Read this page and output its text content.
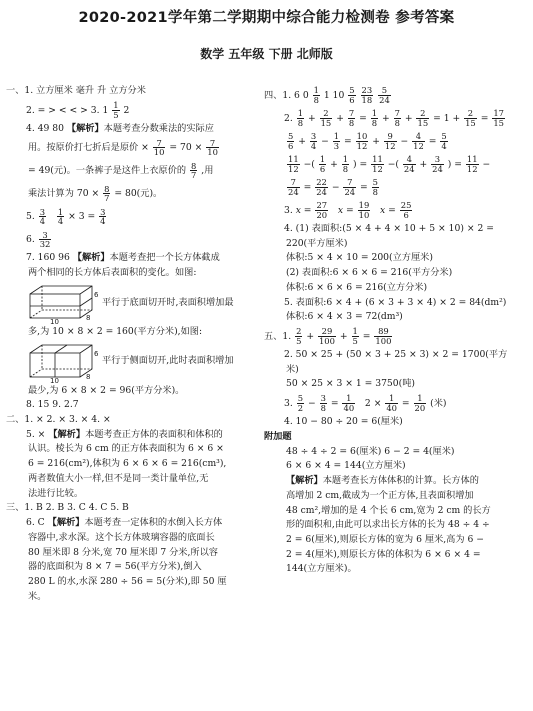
2020-2021学年第二学期期中综合能力检测卷 参考答案
数学 五年级 下册 北师版
一、1. 立方厘米 毫升 升 立方分米
2. = > < < > 3. $1 \frac{1}{5} 2$
4. 49 80 【解析】本题考查分数乘法的实际应
用。按原价打七折后是原价 × $\frac{7}{10} = 70 \times \frac{7}{10}$
= 49(元)。一条裤子是这件上衣原价的 $\frac{8}{7}$ ,用
乘法计算为 $70 \times \frac{8}{7} = 80$(元)。
5. $\frac{3}{4}$
$\frac{1}{4} \times 3 = \frac{3}{4}$
6. $\frac{3}{32}$
7. 160 96 【解析】本题考查把一个长方体截成
两个相同的长方体后表面积的变化。如图:
6
10	8
平行于底面切开时,表面积增加最
多,为 10 × 8 × 2 = 160(平方分米),如图:
6
10	8
平行于侧面切开,此时表面积增加
最少,为 6 × 8 × 2 = 96(平方分米)。
8. 15 9. 2.7
二、1. × 2. × 3. × 4. ×
5. × 【解析】本题考查正方体的表面积和体积的
认识。棱长为 6 cm 的正方体表面积为 6 × 6 ×
6 = 216(cm²),体积为 6 × 6 × 6 = 216(cm³),
两者数值大小一样,但不是同一类计量单位,无
法进行比较。
三、1. B 2. B 3. C 4. C 5. B
6. C 【解析】本题考查一定体积的水倒入长方体
容器中,求水深。这个长方体玻璃容器的底面长
80 厘米即 8 分米,宽 70 厘米即 7 分米,所以容
器的底面积为 8 × 7 = 56(平方分米),倒入
280 L 的水,水深 280 ÷ 56 = 5(分米),即 50 厘
米。
四、1. 6 $0 \frac{1}{8} 1$ $10 \frac{5}{6}$
$\frac{23}{18}$
$\frac{5}{24}$
2. $\frac{1}{8} + \frac{2}{15} + \frac{7}{8} = \frac{1}{8} + \frac{7}{8} + \frac{2}{15} = 1 + \frac{2}{15} = \frac{17}{15}$
$\frac{5}{6} + \frac{3}{4} - \frac{1}{3} = \frac{10}{12} + \frac{9}{12} - \frac{4}{12} = \frac{5}{4}$
$\frac{11}{12}$ −( $\frac{1}{6} + \frac{1}{8}$ ) = $\frac{11}{12}$ −( $\frac{4}{24} + \frac{3}{24}$ ) = $\frac{11}{12}$ −
$\frac{7}{24} = \frac{22}{24} - \frac{7}{24} = \frac{5}{8}$
3. $x = \frac{27}{20}$ $x = \frac{19}{10}$ $x = \frac{25}{6}$
4. (1) 表面积:(5 × 4 + 4 × 10 + 5 × 10) × 2 =
220(平方厘米)
体积:5 × 4 × 10 = 200(立方厘米)
(2) 表面积:6 × 6 × 6 = 216(平方分米)
体积:6 × 6 × 6 = 216(立方分米)
5. 表面积:6 × 4 + (6 × 3 + 3 × 4) × 2 = 84(dm²)
体积:6 × 4 × 3 = 72(dm³)
五、1. $\frac{2}{5} + \frac{29}{100} + \frac{1}{5} = \frac{89}{100}$
2. 50 × 25 + (50 × 3 + 25 × 3) × 2 = 1700(平方
米)
50 × 25 × 3 × 1 = 3750(吨)
3. $\frac{5}{2} - \frac{3}{8} = \frac{1}{40} 2 \times \frac{1}{40} = \frac{1}{20}$ (米)
4. 10 − 80 ÷ 20 = 6(厘米)
附加题
48 ÷ 4 ÷ 2 = 6(厘米) 6 − 2 = 4(厘米)
6 × 6 × 4 = 144(立方厘米)
【解析】本题考查长方体体积的计算。长方体的
高增加 2 cm,截成为一个正方体,且表面积增加
48 cm²,增加的是 4 个长 6 cm,宽为 2 cm 的长方
形的面积和,由此可以求出长方体的长为 48 ÷ 4 ÷
2 = 6(厘米),则原长方体的宽为 6 厘米,高为 6 −
2 = 4(厘米),则原长方体的体积为 6 × 6 × 4 =
144(立方厘米)。
